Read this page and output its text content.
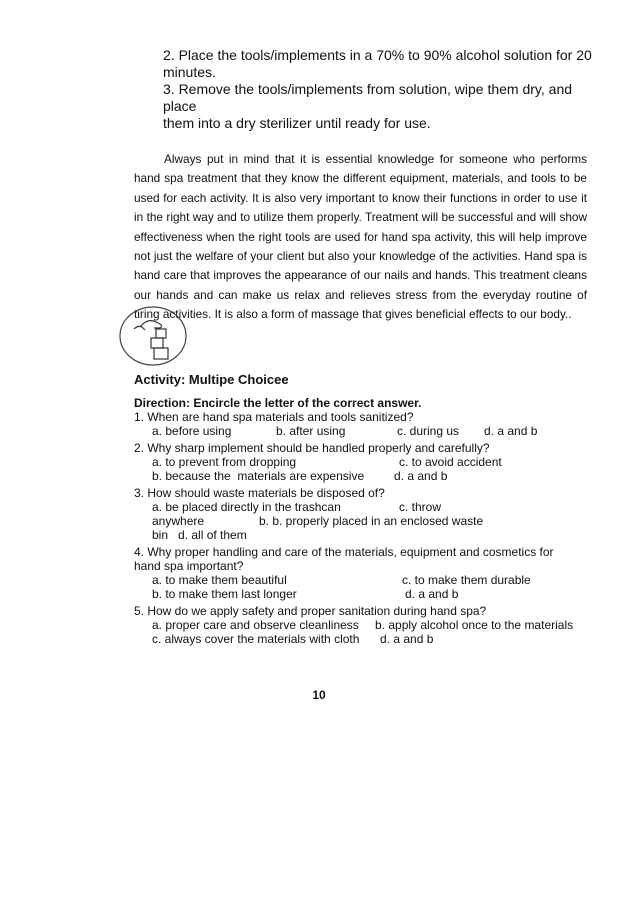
2. Place the tools/implements in a 70% to 90% alcohol solution for 20
minutes.
3. Remove the tools/implements from solution, wipe them dry, and place
them into a dry sterilizer until ready for use.
Always put in mind that it is essential knowledge for someone who performs hand spa treatment that they know the different equipment, materials, and tools to be used for each activity. It is also very important to know their functions in order to use it in the right way and to utilize them properly. Treatment will be successful and will show effectiveness when the right tools are used for hand spa activity, this will help improve not just the welfare of your client but also your knowledge of the activities. Hand spa is hand care that improves the appearance of our nails and hands. This treatment cleans our hands and can make us relax and relieves stress from the everyday routine of tiring activities. It is also a form of massage that gives beneficial effects to our body..
Activity: Multipe Choicee
Direction: Encircle the letter of the correct answer.
1. When are hand spa materials and tools sanitized?
a. before using	b. after using	c. during us d. a and b
2. Why sharp implement should be handled properly and carefully?
a. to prevent from dropping	c. to avoid accident
b. because the  materials are expensive d. a and b
3. How should waste materials be disposed of?
a. be placed directly in the trashcan	c. throw
anywhere	b. b. properly placed in an enclosed waste
bin   d. all of them
4. Why proper handling and care of the materials, equipment and cosmetics for
hand spa important?
a. to make them beautiful	c. to make them durable
b. to make them last longer	d. a and b
5. How do we apply safety and proper sanitation during hand spa?
a. proper care and observe cleanliness b. apply alcohol once to the materials
c. always cover the materials with cloth d. a and b
10
